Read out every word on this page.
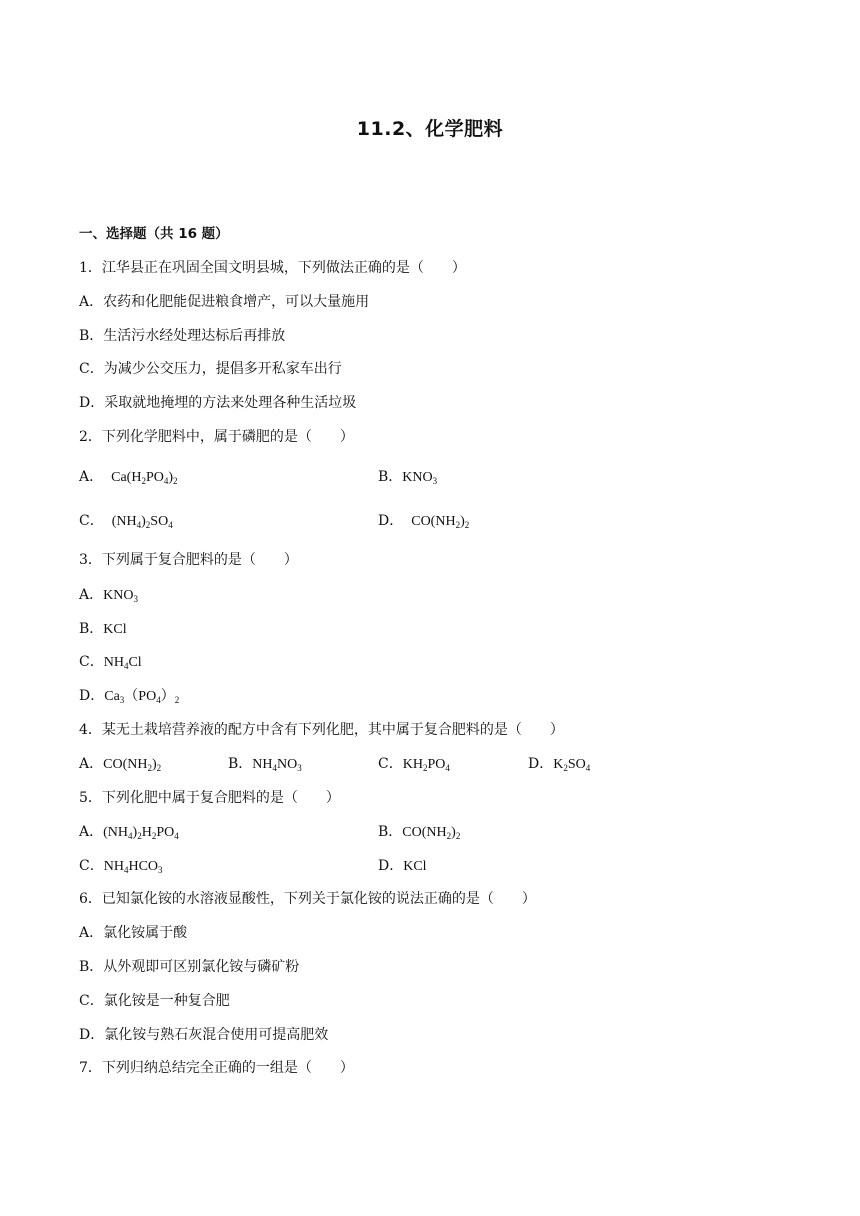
11.2、化学肥料
一、选择题（共 16 题）
1．江华县正在巩固全国文明县城，下列做法正确的是（　　）
A．农药和化肥能促进粮食增产，可以大量施用
B．生活污水经处理达标后再排放
C．为减少公交压力，提倡多开私家车出行
D．采取就地掩埋的方法来处理各种生活垃圾
2．下列化学肥料中，属于磷肥的是（　　）
A． $Ca(H_2PO_4)_2$	B．$KNO_3$
C． $(NH_4)_2SO_4$	D． $CO(NH_2)_2$
3．下列属于复合肥料的是（　　）
A．$KNO_3$
B．KCl
C．$NH_4Cl$
D．$Ca_3(PO_4)_2$
4．某无土栽培营养液的配方中含有下列化肥，其中属于复合肥料的是（　　）
A．$CO(NH_2)_2$	B．$NH_4NO_3$	C．$KH_2PO_4$	D．$K_2SO_4$
5．下列化肥中属于复合肥料的是（　　）
A．$(NH_4)_2H_2PO_4$	B．$CO(NH_2)_2$
C．$NH_4HCO_3$	D．KCl
6．已知氯化铵的水溶液显酸性，下列关于氯化铵的说法正确的是（　　）
A．氯化铵属于酸
B．从外观即可区别氯化铵与磷矿粉
C．氯化铵是一种复合肥
D．氯化铵与熟石灰混合使用可提高肥效
7．下列归纳总结完全正确的一组是（　　）
